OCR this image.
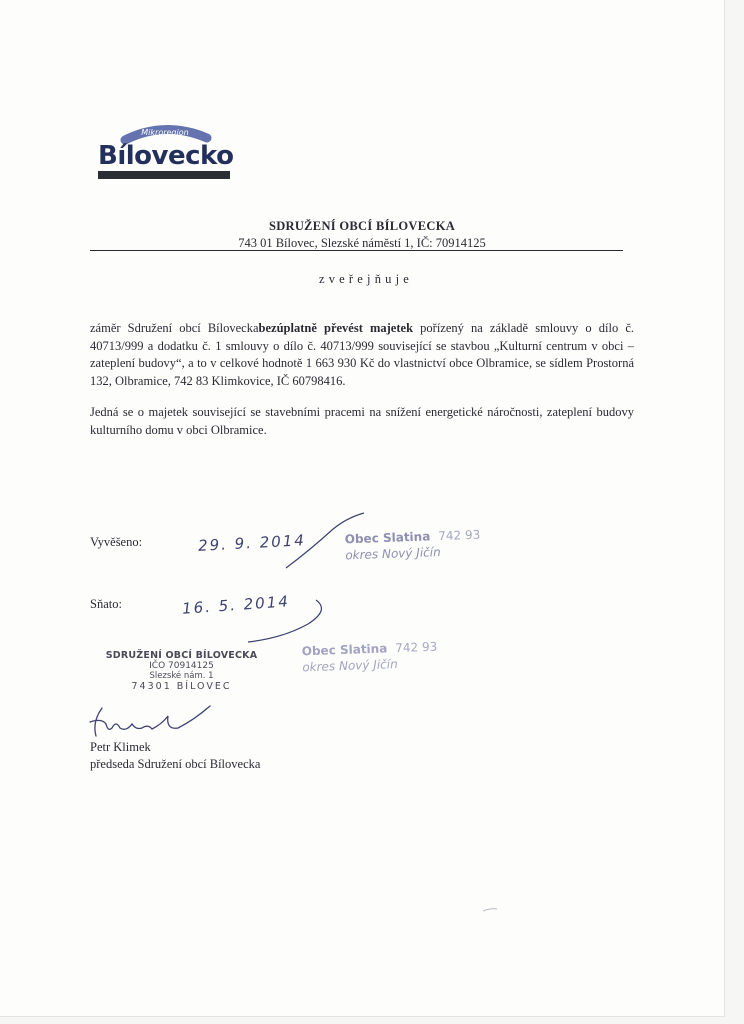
Mikroregion
Bílovecko
SDRUŽENÍ OBCÍ BÍLOVECKA
743 01 Bílovec, Slezské náměstí 1, IČ: 70914125
zveřejňuje
záměr Sdružení obcí Bíloveckabezúplatně převést majetek pořízený na základě smlouvy o dílo č. 40713/999 a dodatku č. 1 smlouvy o dílo č. 40713/999 související se stavbou „Kulturní centrum v obci – zateplení budovy“, a to v celkové hodnotě 1 663 930 Kč do vlastnictví obce Olbramice, se sídlem Prostorná 132, Olbramice, 742 83 Klimkovice, IČ 60798416.
Jedná se o majetek související se stavebními pracemi na snížení energetické náročnosti, zateplení budovy kulturního domu v obci Olbramice.
Vyvěšeno:	29. 9. 2014
Sňato:	16. 5. 2014
Obec Slatina 742 93
okres Nový Jičín
Obec Slatina 742 93
okres Nový Jičín
SDRUŽENÍ OBCÍ BÍLOVECKA
IČO 70914125
Slezské nám. 1
74301 BÍLOVEC
Petr Klimek
předseda Sdružení obcí Bílovecka
